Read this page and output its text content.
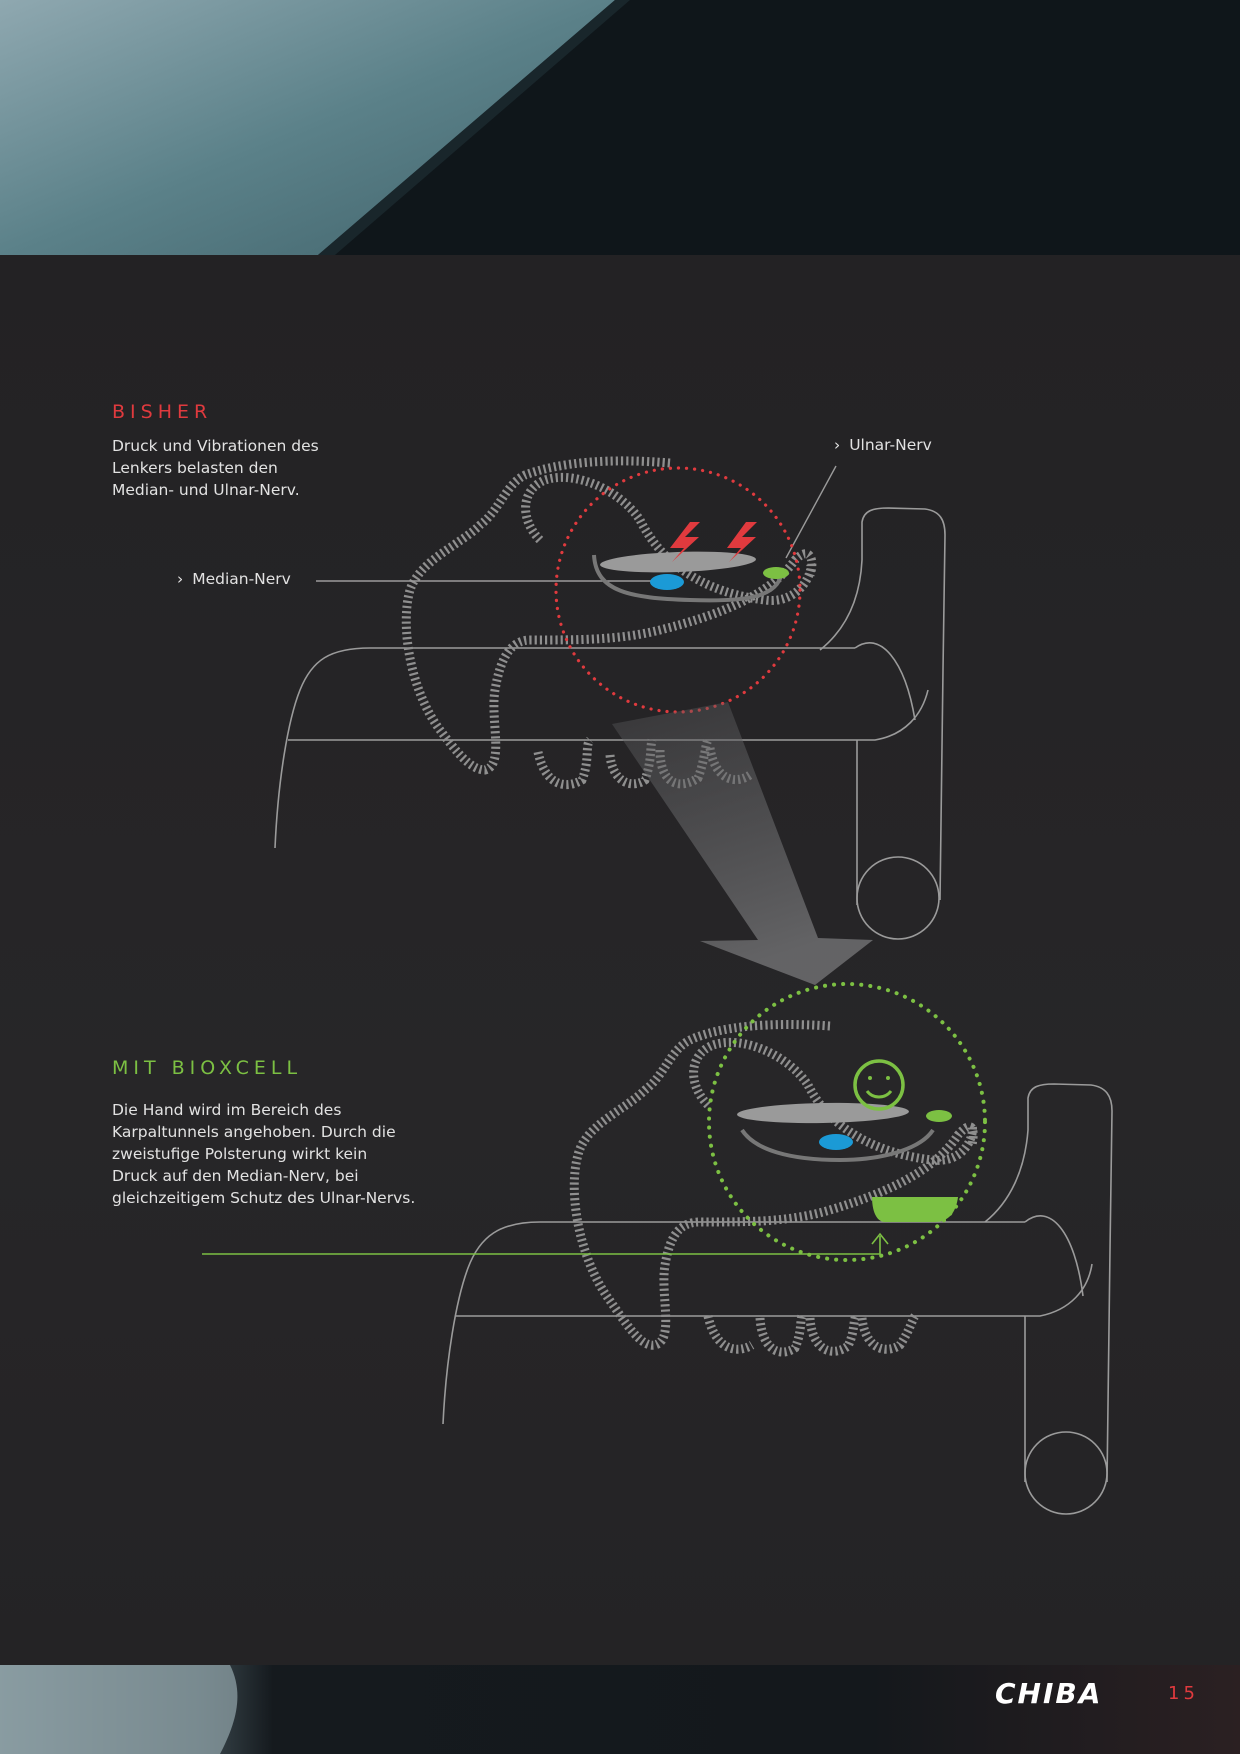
BISHER

Druck und Vibrationen des
Lenkers belasten den
Median- und Ulnar-Nerv.

› Ulnar-Nerv
› Median-Nerv
MIT BIOXCELL

Die Hand wird im Bereich des
Karpaltunnels angehoben. Durch die
zweistufige Polsterung wirkt kein
Druck auf den Median-Nerv, bei
gleichzeitigem Schutz des Ulnar-Nervs.

CHIBA	15
